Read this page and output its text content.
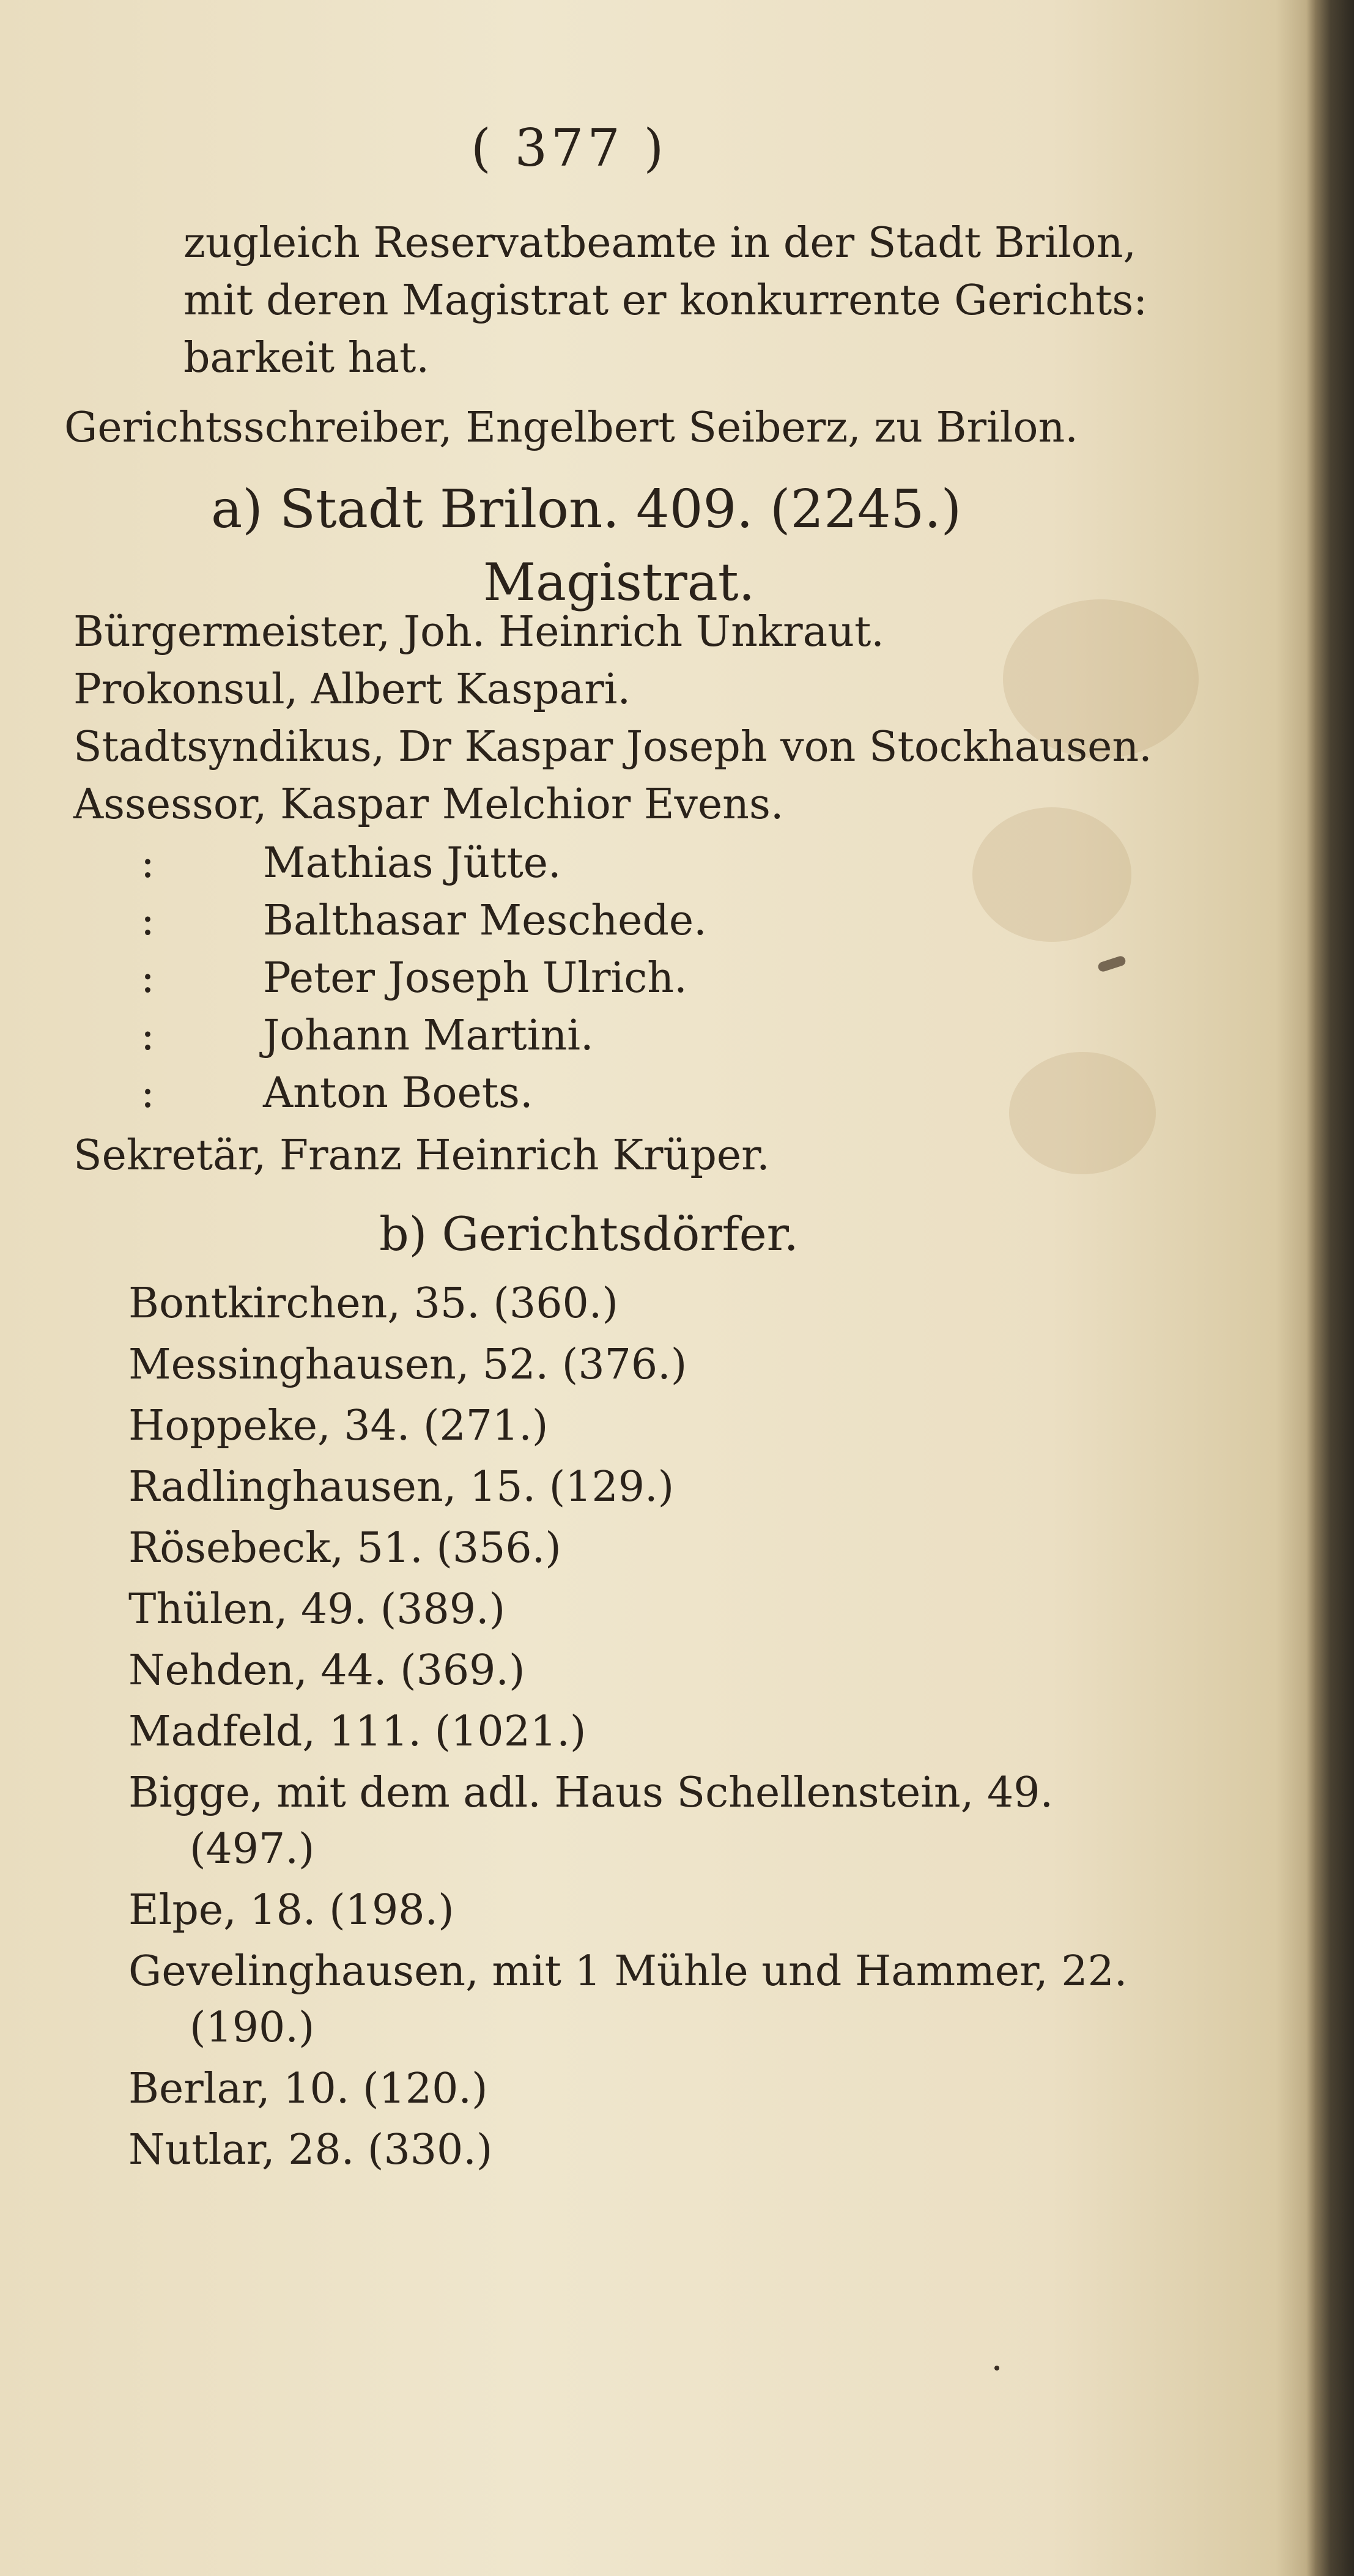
( 377 )
zugleich Reservatbeamte in der Stadt Brilon,
mit deren Magistrat er konkurrente Gerichts:
barkeit hat.
Gerichtsschreiber, Engelbert Seiberz, zu Brilon.
a) Stadt Brilon. 409. (2245.)
Magistrat.
Bürgermeister, Joh. Heinrich Unkraut.
Prokonsul, Albert Kaspari.
Stadtsyndikus, Dr Kaspar Joseph von Stockhausen.
Assessor, Kaspar Melchior Evens.
:	Mathias Jütte.
:	Balthasar Meschede.
:	Peter Joseph Ulrich.
:	Johann Martini.
:	Anton Boets.
Sekretär, Franz Heinrich Krüper.
b) Gerichtsdörfer.
Bontkirchen, 35. (360.)
Messinghausen, 52. (376.)
Hoppeke, 34. (271.)
Radlinghausen, 15. (129.)
Rösebeck, 51. (356.)
Thülen, 49. (389.)
Nehden, 44. (369.)
Madfeld, 111. (1021.)
Bigge, mit dem adl. Haus Schellenstein, 49.
(497.)
Elpe, 18. (198.)
Gevelinghausen, mit 1 Mühle und Hammer, 22.
(190.)
Berlar, 10. (120.)
Nutlar, 28. (330.)
